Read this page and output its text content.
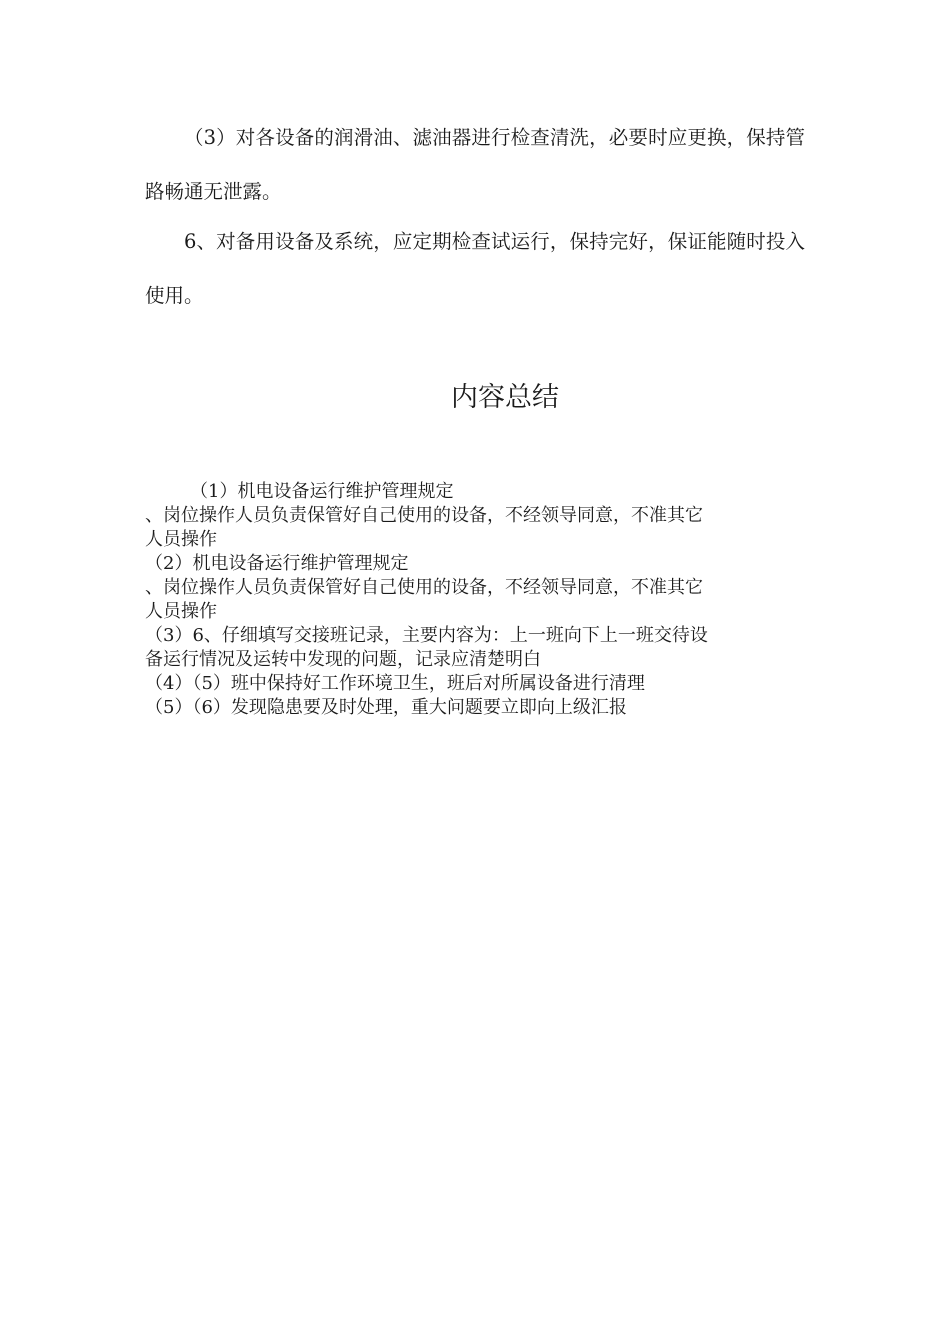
（3）对各设备的润滑油、滤油器进行检查清洗，必要时应更换，保持管路畅通无泄露。

6、对备用设备及系统，应定期检查试运行，保持完好，保证能随时投入使用。

内容总结

（1）机电设备运行维护管理规定

、岗位操作人员负责保管好自己使用的设备，不经领导同意，不准其它

人员操作

（2）机电设备运行维护管理规定

、岗位操作人员负责保管好自己使用的设备，不经领导同意，不准其它

人员操作

（3）6、仔细填写交接班记录，主要内容为：上一班向下上一班交待设

备运行情况及运转中发现的问题，记录应清楚明白

（4）（5）班中保持好工作环境卫生，班后对所属设备进行清理

（5）（6）发现隐患要及时处理，重大问题要立即向上级汇报
